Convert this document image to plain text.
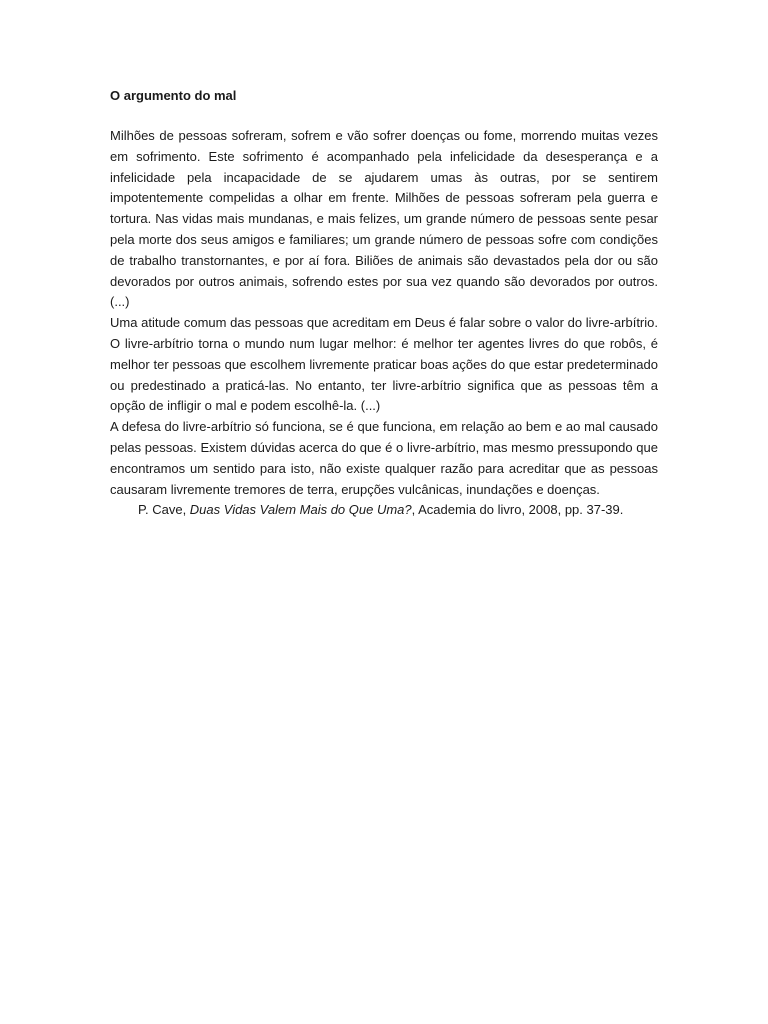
O argumento do mal

Milhões de pessoas sofreram, sofrem e vão sofrer doenças ou fome, morrendo muitas vezes em sofrimento. Este sofrimento é acompanhado pela infelicidade da desesperança e a infelicidade pela incapacidade de se ajudarem umas às outras, por se sentirem impotentemente compelidas a olhar em frente. Milhões de pessoas sofreram pela guerra e tortura. Nas vidas mais mundanas, e mais felizes, um grande número de pessoas sente pesar pela morte dos seus amigos e familiares; um grande número de pessoas sofre com condições de trabalho transtornantes, e por aí fora. Biliões de animais são devastados pela dor ou são devorados por outros animais, sofrendo estes por sua vez quando são devorados por outros. (...)

Uma atitude comum das pessoas que acreditam em Deus é falar sobre o valor do livre-arbítrio. O livre-arbítrio torna o mundo num lugar melhor: é melhor ter agentes livres do que robôs, é melhor ter pessoas que escolhem livremente praticar boas ações do que estar predeterminado ou predestinado a praticá-las. No entanto, ter livre-arbítrio significa que as pessoas têm a opção de infligir o mal e podem escolhê-la. (...)

A defesa do livre-arbítrio só funciona, se é que funciona, em relação ao bem e ao mal causado pelas pessoas. Existem dúvidas acerca do que é o livre-arbítrio, mas mesmo pressupondo que encontramos um sentido para isto, não existe qualquer razão para acreditar que as pessoas causaram livremente tremores de terra, erupções vulcânicas, inundações e doenças.

P. Cave, Duas Vidas Valem Mais do Que Uma?, Academia do livro, 2008, pp. 37-39.
